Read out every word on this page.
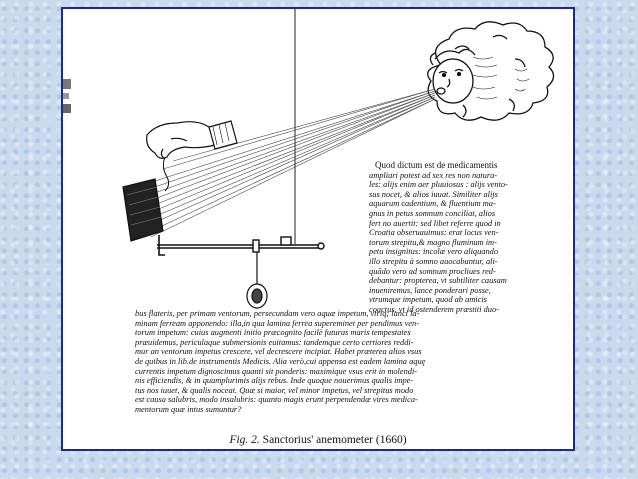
Quod dictum est de medicamentis
ampliari potest ad sex res non natura-
les: alijs enim aer pluuiosus : alijs vento-
sus nocet, & alios iuuat. Similiter alijs
aquarum cadentium, & fluentium ma-
gnus in petus somnum conciliat, alios
fert no auertit: sed libet referre quod in
Croatia obseruauimus: erat locus ven-
torum strepitu,& magno fluminum im-
petu insignitus: incolæ vero aliquando
illo strepitu à somno auocabantur, ali-
quãdo vero ad somnum procliues red-
debantur: propterea, vt subtiliter causam
inueniremus, lance ponderari posse,
vtrumque impetum, quod ab amicis
coactus, vt id ostenderem præstiti duo-
bus flateris, per primam ventorum, persecundam vero aquæ impetum, vtriq; lanci la-
minam ferream apponendo: illa,in qua lamina ferrea supereminet per pendimus ven-
torum impetum: cuius augmenti initio præcognito facilè futuras maris tempestates
præuidemus, periculaque submersionis euitamus: tandemque certo certiores reddi-
mur an ventorum impetus crescere, vel decrescere incipiat. Habet præterea alios vsus
de quibus in lib.de instrumentis Medicis. Alia verò,cui appensa est eadem lamina aquę
currentis impetum dignoscimus quanti sit ponderis: maximique vsus erit in molendi-
nis efficiendis, & in quamplurimis alijs rebus. Inde quoque nouerimus qualis impe-
tus nos iuuet, & qualis noceat. Quæ si maior, vel minor impetus, vel strepitus modo
est causa salubris, modo insalubris: quanto magis erunt perpendendæ vires medica-
mentorum quæ intus sumuntur?
Fig. 2. Sanctorius' anemometer (1660)
